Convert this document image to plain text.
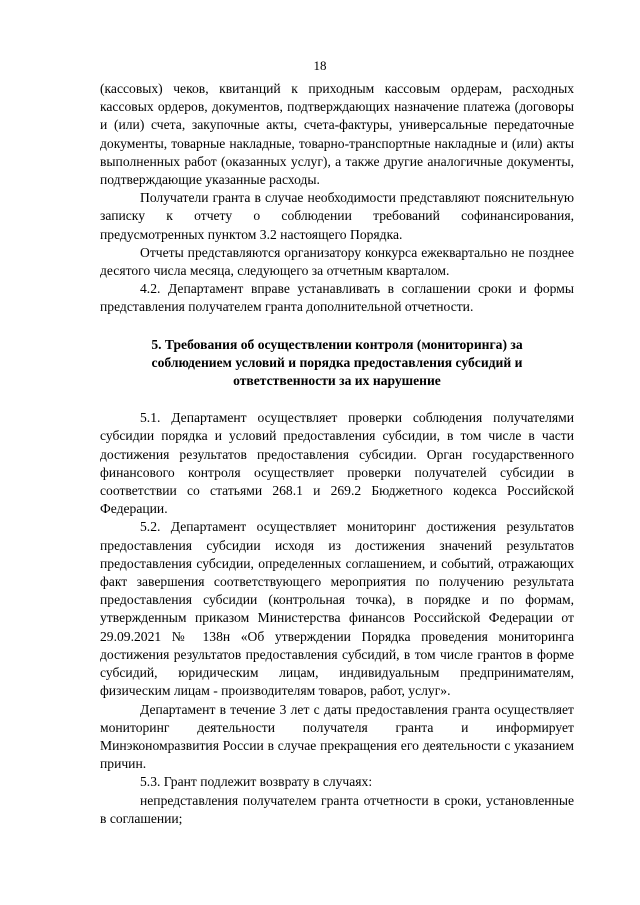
18

(кассовых) чеков, квитанций к приходным кассовым ордерам, расходных кассовых ордеров, документов, подтверждающих назначение платежа (договоры и (или) счета, закупочные акты, счета-фактуры, универсальные передаточные документы, товарные накладные, товарно-транспортные накладные и (или) акты выполненных работ (оказанных услуг), а также другие аналогичные документы, подтверждающие указанные расходы.

Получатели гранта в случае необходимости представляют пояснительную записку к отчету о соблюдении требований софинансирования, предусмотренных пунктом 3.2 настоящего Порядка.

Отчеты представляются организатору конкурса ежеквартально не позднее десятого числа месяца, следующего за отчетным кварталом.

4.2. Департамент вправе устанавливать в соглашении сроки и формы представления получателем гранта дополнительной отчетности.

5. Требования об осуществлении контроля (мониторинга) за
соблюдением условий и порядка предоставления субсидий и
ответственности за их нарушение

5.1. Департамент осуществляет проверки соблюдения получателями субсидии порядка и условий предоставления субсидии, в том числе в части достижения результатов предоставления субсидии. Орган государственного финансового контроля осуществляет проверки получателей субсидии в соответствии со статьями 268.1 и 269.2 Бюджетного кодекса Российской Федерации.

5.2. Департамент осуществляет мониторинг достижения результатов предоставления субсидии исходя из достижения значений результатов предоставления субсидии, определенных соглашением, и событий, отражающих факт завершения соответствующего мероприятия по получению результата предоставления субсидии (контрольная точка), в порядке и по формам, утвержденным приказом Министерства финансов Российской Федерации от 29.09.2021 № 138н «Об утверждении Порядка проведения мониторинга достижения результатов предоставления субсидий, в том числе грантов в форме субсидий, юридическим лицам, индивидуальным предпринимателям, физическим лицам - производителям товаров, работ, услуг».

Департамент в течение 3 лет с даты предоставления гранта осуществляет мониторинг деятельности получателя гранта и информирует Минэкономразвития России в случае прекращения его деятельности с указанием причин.

5.3. Грант подлежит возврату в случаях:

непредставления получателем гранта отчетности в сроки, установленные в соглашении;
